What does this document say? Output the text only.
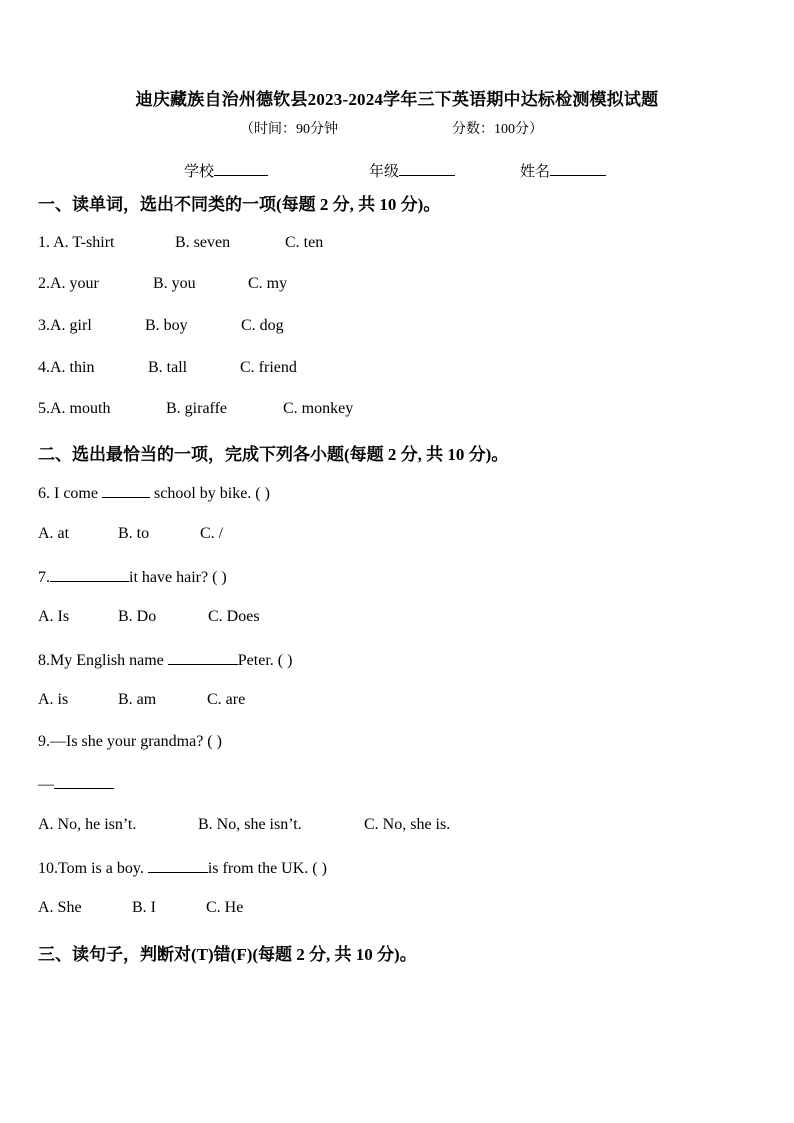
迪庆藏族自治州德钦县2023-2024学年三下英语期中达标检测模拟试题
（时间：90分钟	分数：100分）
学校	年级	姓名
一、读单词，选出不同类的一项(每题 2 分, 共 10 分)。
1. A. T-shirt	B. seven	C. ten
2.A. your	B. you	C. my
3.A. girl	B. boy	C. dog
4.A. thin	B. tall	C. friend
5.A. mouth	B. giraffe	C. monkey
二、选出最恰当的一项，完成下列各小题(每题 2 分, 共 10 分)。
6. I come	school by bike. ( )
A. at	B. to	C. /
7.	it have hair? ( )
A. Is	B. Do	C. Does
8.My English name	Peter. ( )
A. is	B. am	C. are
9.—Is she your grandma? ( )
—
A. No, he isn’t.	B. No, she isn’t.	C. No, she is.
10.Tom is a boy.	is from the UK. ( )
A. She	B. I	C. He
三、读句子，判断对(T)错(F)(每题 2 分, 共 10 分)。
